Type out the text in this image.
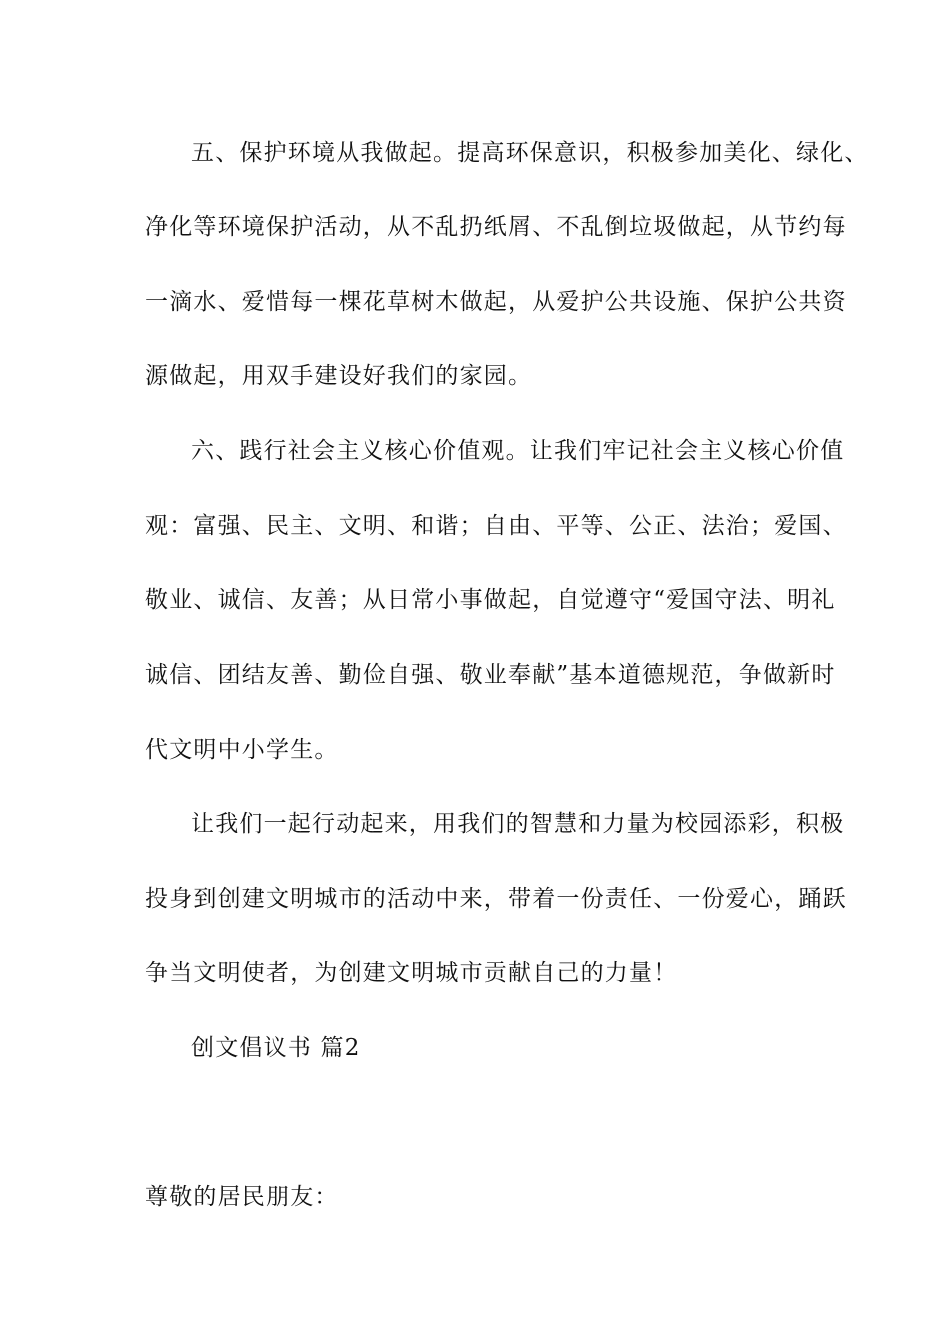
五、保护环境从我做起。提高环保意识，积极参加美化、绿化、
净化等环境保护活动，从不乱扔纸屑、不乱倒垃圾做起，从节约每
一滴水、爱惜每一棵花草树木做起，从爱护公共设施、保护公共资
源做起，用双手建设好我们的家园。
六、践行社会主义核心价值观。让我们牢记社会主义核心价值
观：富强、民主、文明、和谐；自由、平等、公正、法治；爱国、
敬业、诚信、友善；从日常小事做起，自觉遵守“爱国守法、明礼
诚信、团结友善、勤俭自强、敬业奉献”基本道德规范，争做新时
代文明中小学生。
让我们一起行动起来，用我们的智慧和力量为校园添彩，积极
投身到创建文明城市的活动中来，带着一份责任、一份爱心，踊跃
争当文明使者，为创建文明城市贡献自己的力量！
创文倡议书 篇2
尊敬的居民朋友：
